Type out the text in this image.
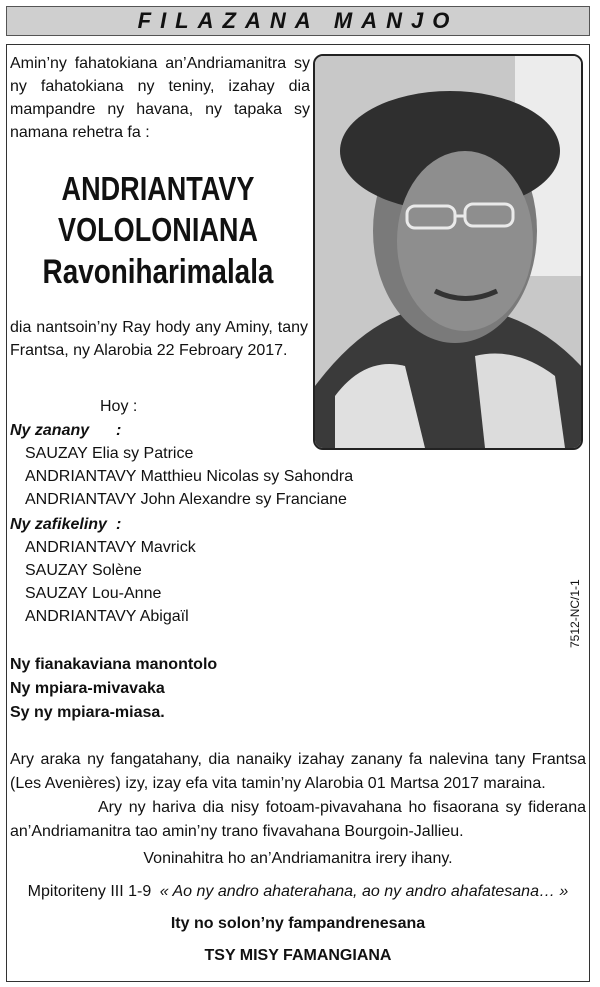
FILAZANA MANJO
Amin’ny fahatokiana an’Andriamanitra sy ny fahatokiana ny teniny, izahay dia mampandre ny havana, ny tapaka sy namana rehetra fa :
ANDRIANTAVY
VOLOLONIANA
Ravoniharimalala
dia nantsoin’ny Ray hody any Aminy, tany Frantsa, ny Alarobia 22 Febroary 2017.
Hoy :
Ny zanany :
SAUZAY Elia sy Patrice
ANDRIANTAVY Matthieu Nicolas sy Sahondra
ANDRIANTAVY John Alexandre sy Franciane
Ny zafikeliny :
ANDRIANTAVY Mavrick
SAUZAY Solène
SAUZAY Lou-Anne
ANDRIANTAVY Abigaïl
Ny fianakaviana manontolo
Ny mpiara-mivavaka
Sy ny mpiara-miasa.
7512-NC/1-1
Ary araka ny fangatahany, dia nanaiky izahay zanany fa nalevina tany Frantsa (Les Avenières) izy, izay efa vita tamin’ny Alarobia 01 Martsa 2017 maraina.
Ary ny hariva dia nisy fotoam-pivavahana ho fisaorana sy fiderana an’Andriamanitra tao amin’ny trano fivavahana Bourgoin-Jallieu.
Voninahitra ho an’Andriamanitra irery ihany.
Mpitoriteny III 1-9 « Ao ny andro ahaterahana, ao ny andro ahafatesana… »
Ity no solon’ny fampandrenesana
TSY MISY FAMANGIANA
